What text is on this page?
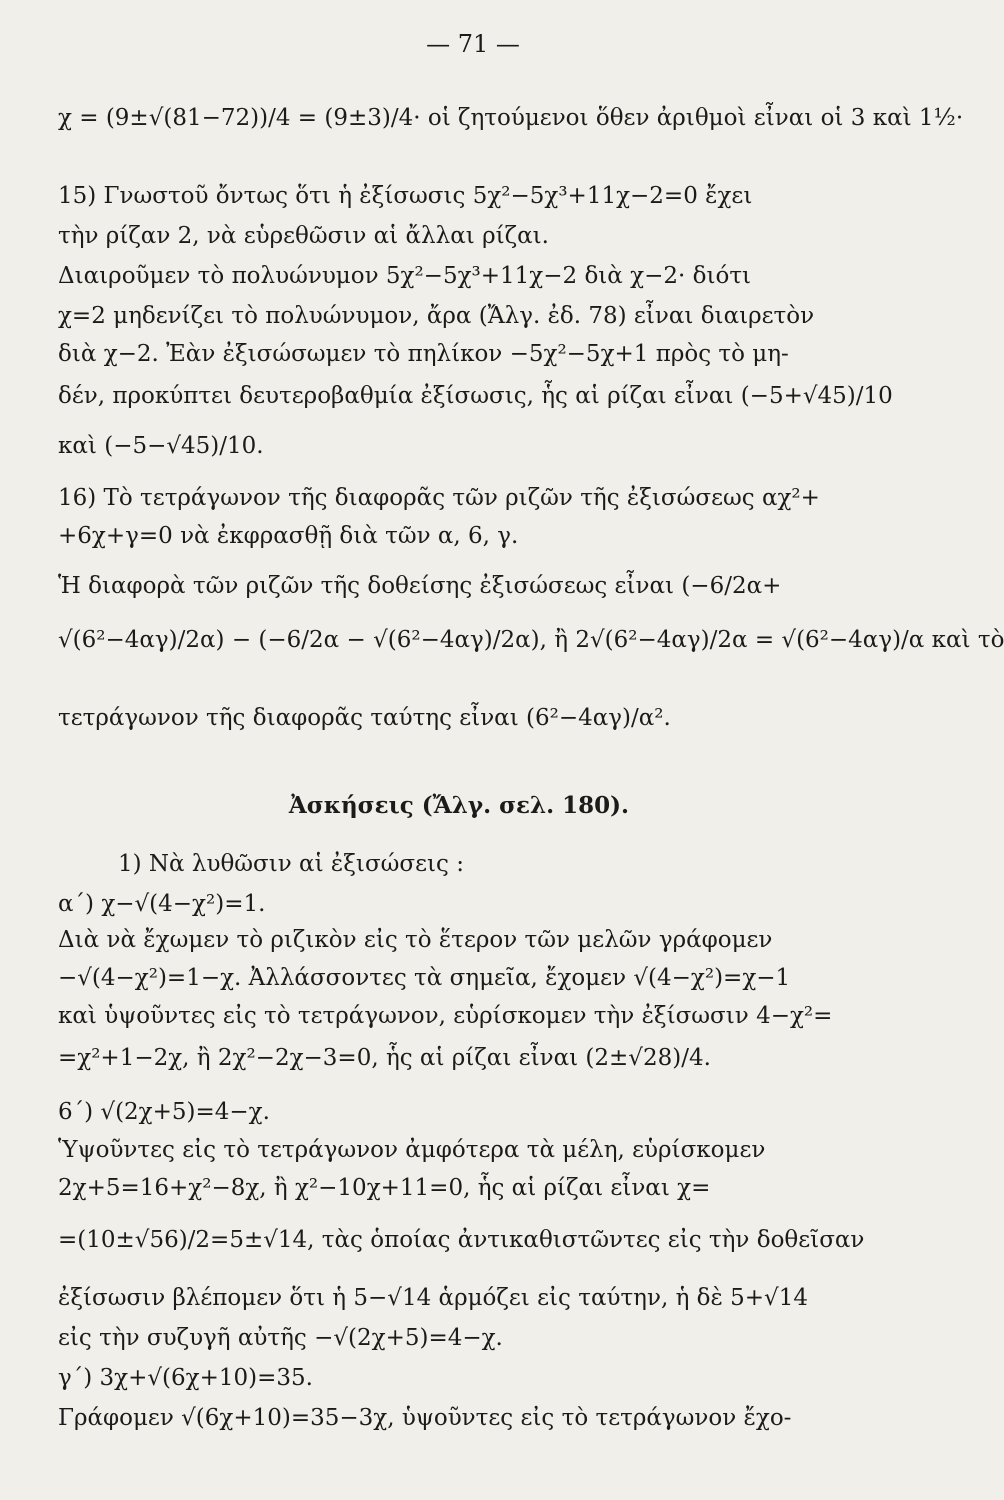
— 71 —
χ = (9±√(81−72))/4 = (9±3)/4· οἱ ζητούμενοι ὅθεν ἀριθμοὶ εἶναι οἱ 3 καὶ 1½·
15) Γνωστοῦ ὄντως ὅτι ἡ ἐξίσωσις 5χ²−5χ³+11χ−2=0 ἔχει
τὴν ρίζαν 2, νὰ εὑρεθῶσιν αἱ ἄλλαι ρίζαι.
Διαιροῦμεν τὸ πολυώνυμον 5χ²−5χ³+11χ−2 διὰ χ−2· διότι
χ=2 μηδενίζει τὸ πολυώνυμον, ἄρα (Ἄλγ. ἐδ. 78) εἶναι διαιρετὸν
διὰ χ−2. Ἐὰν ἐξισώσωμεν τὸ πηλίκον −5χ²−5χ+1 πρὸς τὸ μη-
δέν, προκύπτει δευτεροβαθμία ἐξίσωσις, ἧς αἱ ρίζαι εἶναι (−5+√45)/10
καὶ (−5−√45)/10.
16) Τὸ τετράγωνον τῆς διαφορᾶς τῶν ριζῶν τῆς ἐξισώσεως αχ²+
+6χ+γ=0 νὰ ἐκφρασθῇ διὰ τῶν α, 6, γ.
Ἡ διαφορὰ τῶν ριζῶν τῆς δοθείσης ἐξισώσεως εἶναι (−6/2α+
√(6²−4αγ)/2α) − (−6/2α − √(6²−4αγ)/2α), ἢ 2√(6²−4αγ)/2α = √(6²−4αγ)/α καὶ τὸ
τετράγωνον τῆς διαφορᾶς ταύτης εἶναι (6²−4αγ)/α².
Ἀσκήσεις (Ἄλγ. σελ. 180).
1) Νὰ λυθῶσιν αἱ ἐξισώσεις :
α΄) χ−√(4−χ²)=1.
Διὰ νὰ ἔχωμεν τὸ ριζικὸν εἰς τὸ ἕτερον τῶν μελῶν γράφομεν
−√(4−χ²)=1−χ. Ἀλλάσσοντες τὰ σημεῖα, ἔχομεν √(4−χ²)=χ−1
καὶ ὑψοῦντες εἰς τὸ τετράγωνον, εὑρίσκομεν τὴν ἐξίσωσιν 4−χ²=
=χ²+1−2χ, ἢ 2χ²−2χ−3=0, ἧς αἱ ρίζαι εἶναι (2±√28)/4.
6΄) √(2χ+5)=4−χ.
Ὑψοῦντες εἰς τὸ τετράγωνον ἀμφότερα τὰ μέλη, εὑρίσκομεν
2χ+5=16+χ²−8χ, ἢ χ²−10χ+11=0, ἧς αἱ ρίζαι εἶναι χ=
=(10±√56)/2=5±√14, τὰς ὁποίας ἀντικαθιστῶντες εἰς τὴν δοθεῖσαν
ἐξίσωσιν βλέπομεν ὅτι ἡ 5−√14 ἁρμόζει εἰς ταύτην, ἡ δὲ 5+√14
εἰς τὴν συζυγῆ αὐτῆς −√(2χ+5)=4−χ.
γ΄) 3χ+√(6χ+10)=35.
Γράφομεν √(6χ+10)=35−3χ, ὑψοῦντες εἰς τὸ τετράγωνον ἔχο-
